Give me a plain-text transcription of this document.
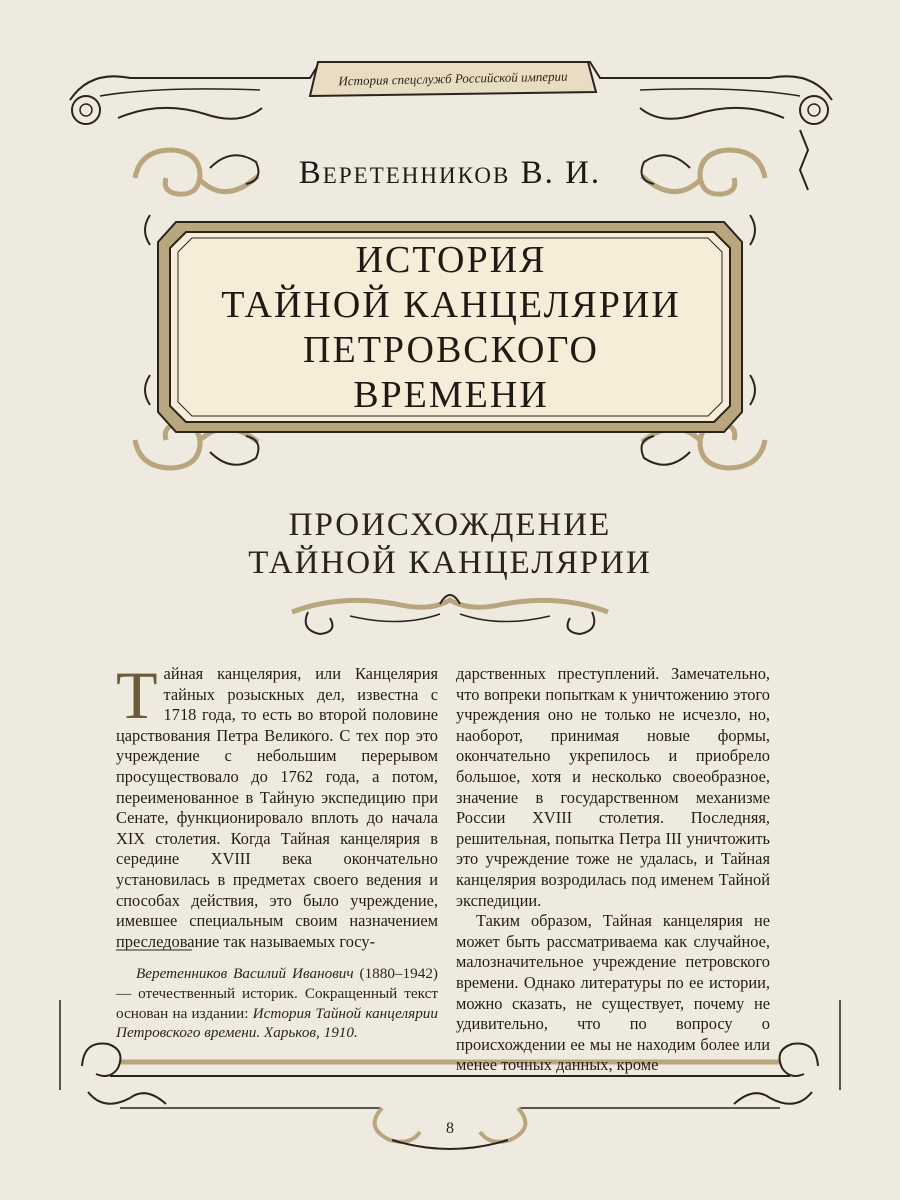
История спецслужб Российской империи
Веретенников В. И.
ИСТОРИЯ
ТАЙНОЙ КАНЦЕЛЯРИИ
ПЕТРОВСКОГО ВРЕМЕНИ
ПРОИСХОЖДЕНИЕ
ТАЙНОЙ КАНЦЕЛЯРИИ

Тайная канцелярия, или Канцелярия тайных розыскных дел, известна с 1718 года, то есть во второй половине царствования Петра Великого. С тех пор это учреждение с небольшим перерывом просуществовало до 1762 года, а потом, переименованное в Тайную экспедицию при Сенате, функционировало вплоть до начала XIX столетия. Когда Тайная канцелярия в середине XVIII века окончательно установилась в предметах своего ведения и способах действия, это было учреждение, имевшее специальным своим назначением преследование так называемых госу-

дарственных преступлений. Замечательно, что вопреки попыткам к уничтожению этого учреждения оно не только не исчезло, но, наоборот, принимая новые формы, окончательно укрепилось и приобрело большое, хотя и несколько своеобразное, значение в государственном механизме России XVIII столетия. Последняя, решительная, попытка Петра III уничтожить это учреждение тоже не удалась, и Тайная канцелярия возродилась под именем Тайной экспедиции.

Таким образом, Тайная канцелярия не может быть рассматриваема как случайное, малозначительное учреждение петровского времени. Однако литературы по ее истории, можно сказать, не существует, почему не удивительно, что по вопросу о происхождении ее мы не находим более или менее точных данных, кроме

Веретенников Василий Иванович (1880–1942) — отечественный историк. Сокращенный текст основан на издании: История Тайной канцелярии Петровского времени. Харьков, 1910.
8
